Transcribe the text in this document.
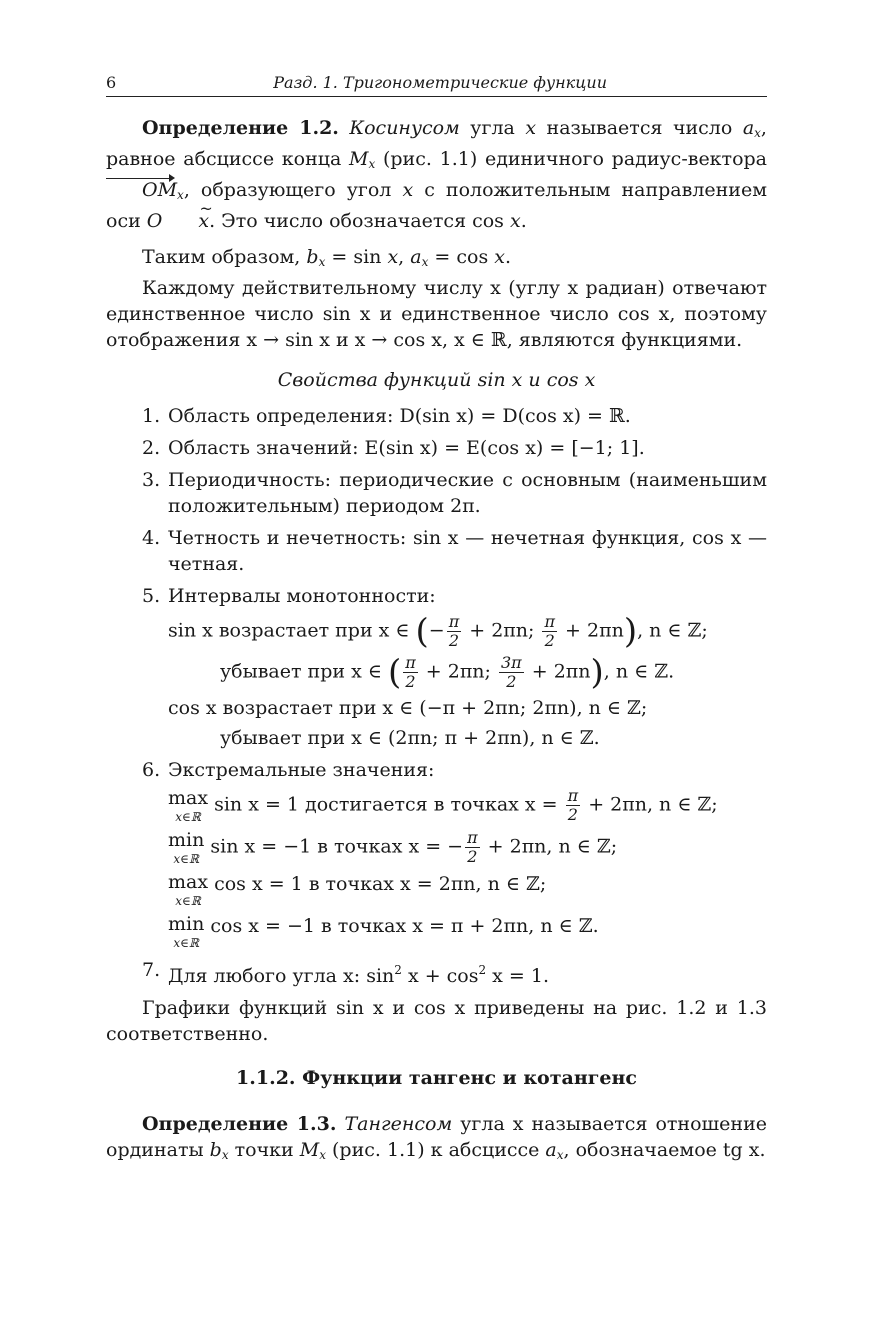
6	Разд. 1. Тригонометрические функции

Определение 1.2. Косинусом угла x называется число $a_x$, равное абсциссе конца $M_x$ (рис. 1.1) единичного радиус-вектора $OM_x$, образующего угол x с положительным направлением оси O~ x. Это число обозначается cos x.

Таким образом, $b_x = \sin x$, $a_x = \cos x$.

Каждому действительному числу x (углу x радиан) отвечают единственное число sin x и единственное число cos x, поэтому отображения x → sin x и x → cos x, x ∈ ℝ, являются функциями.

Свойства функций sin x и cos x
1. Область определения: D(sin x) = D(cos x) = ℝ.
2. Область значений: E(sin x) = E(cos x) = [−1; 1].
3. Периодичность: периодические с основным (наименьшим положительным) периодом 2π.
4. Четность и нечетность: sin x — нечетная функция, cos x — четная.
5. Интервалы монотонности:
sin x возрастает при x ∈ (− $\frac{\pi}{2} + 2\pi n$; $\frac{\pi}{2} + 2\pi n$), n ∈ ℤ;
убывает при x ∈ ( $\frac{\pi}{2} + 2\pi n$; $\frac{3\pi}{2} + 2\pi n$), n ∈ ℤ.
cos x возрастает при x ∈ (−π + 2πn; 2πn), n ∈ ℤ;
убывает при x ∈ (2πn; π + 2πn), n ∈ ℤ.
6. Экстремальные значения:
max
x∈ℝ
sin x = 1 достигается в точках $x = \frac{\pi}{2} + 2\pi n$, n ∈ ℤ;
min
x∈ℝ
sin x = −1 в точках x = − $\frac{\pi}{2} + 2\pi n$, n ∈ ℤ;
max
x∈ℝ
cos x = 1 в точках x = 2πn, n ∈ ℤ;
min
x∈ℝ
cos x = −1 в точках x = π + 2πn, n ∈ ℤ.
7. Для любого угла x: $\sin^2 x + \cos^2 x = 1$.

Графики функций sin x и cos x приведены на рис. 1.2 и 1.3 соответственно.

1.1.2. Функции тангенс и котангенс

Определение 1.3. Тангенсом угла x называется отношение ординаты $b_x$ точки $M_x$ (рис. 1.1) к абсциссе $a_x$, обозначаемое tg x.
